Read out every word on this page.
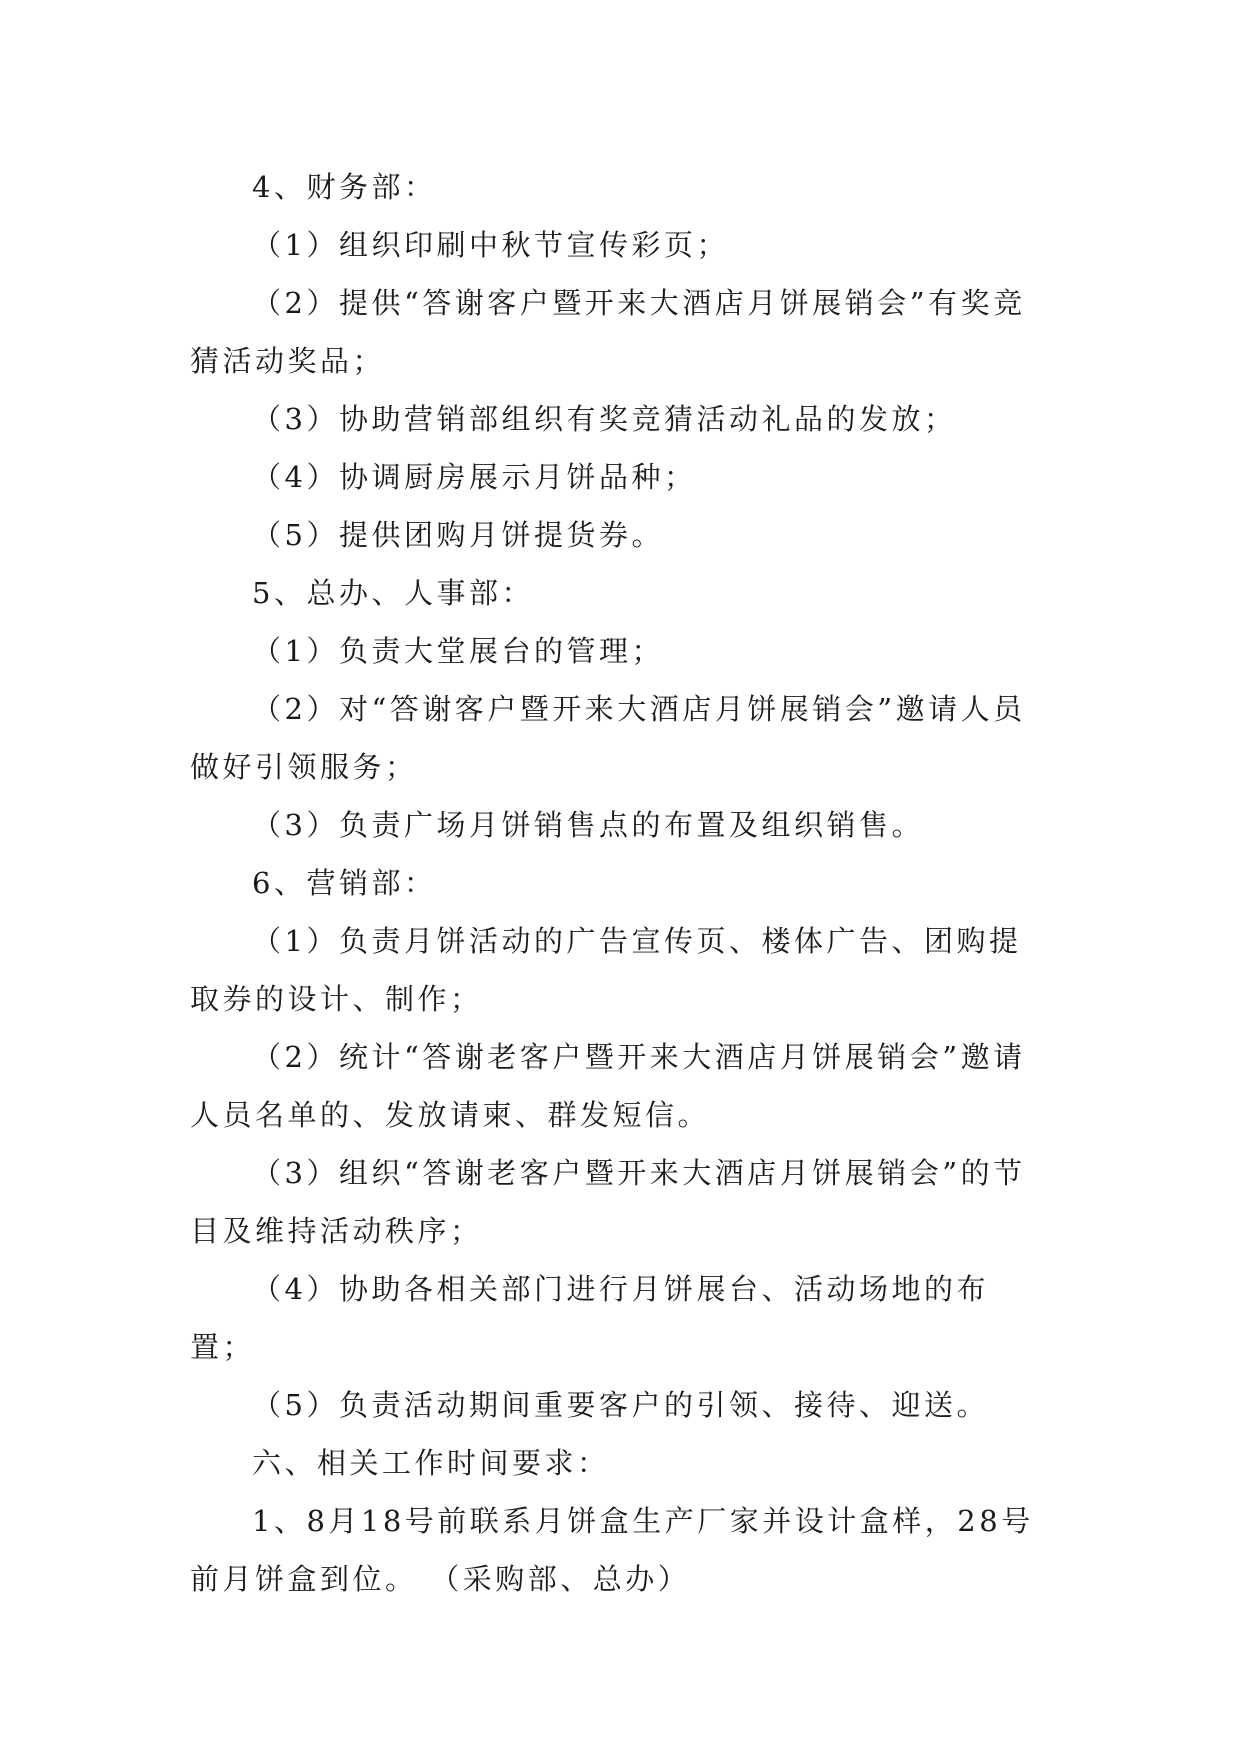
4、财务部：

（1）组织印刷中秋节宣传彩页；

（2）提供“答谢客户暨开来大酒店月饼展销会”有奖竞猜活动奖品；

（3）协助营销部组织有奖竞猜活动礼品的发放；

（4）协调厨房展示月饼品种；

（5）提供团购月饼提货券。

5、总办、人事部：

（1）负责大堂展台的管理；

（2）对“答谢客户暨开来大酒店月饼展销会”邀请人员做好引领服务；

（3）负责广场月饼销售点的布置及组织销售。

6、营销部：

（1）负责月饼活动的广告宣传页、楼体广告、团购提取券的设计、制作；

（2）统计“答谢老客户暨开来大酒店月饼展销会”邀请人员名单的、发放请柬、群发短信。

（3）组织“答谢老客户暨开来大酒店月饼展销会”的节目及维持活动秩序；

（4）协助各相关部门进行月饼展台、活动场地的布置；

（5）负责活动期间重要客户的引领、接待、迎送。

六、相关工作时间要求：

1、8月18号前联系月饼盒生产厂家并设计盒样，28号前月饼盒到位。 （采购部、总办）
